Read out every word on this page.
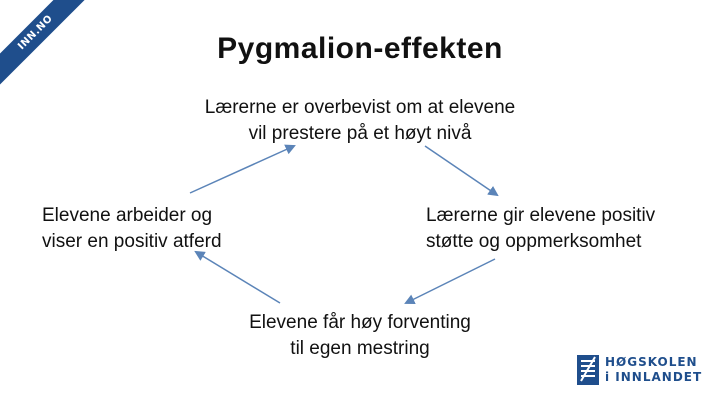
INN.NO	Pygmalion-effekten
Lærerne er overbevist om at elevene
vil prestere på et høyt nivå
Lærerne gir elevene positiv
støtte og oppmerksomhet
Elevene får høy forventing
til egen mestring
Elevene arbeider og
viser en positiv atferd
HØGSKOLEN
i INNLANDET
